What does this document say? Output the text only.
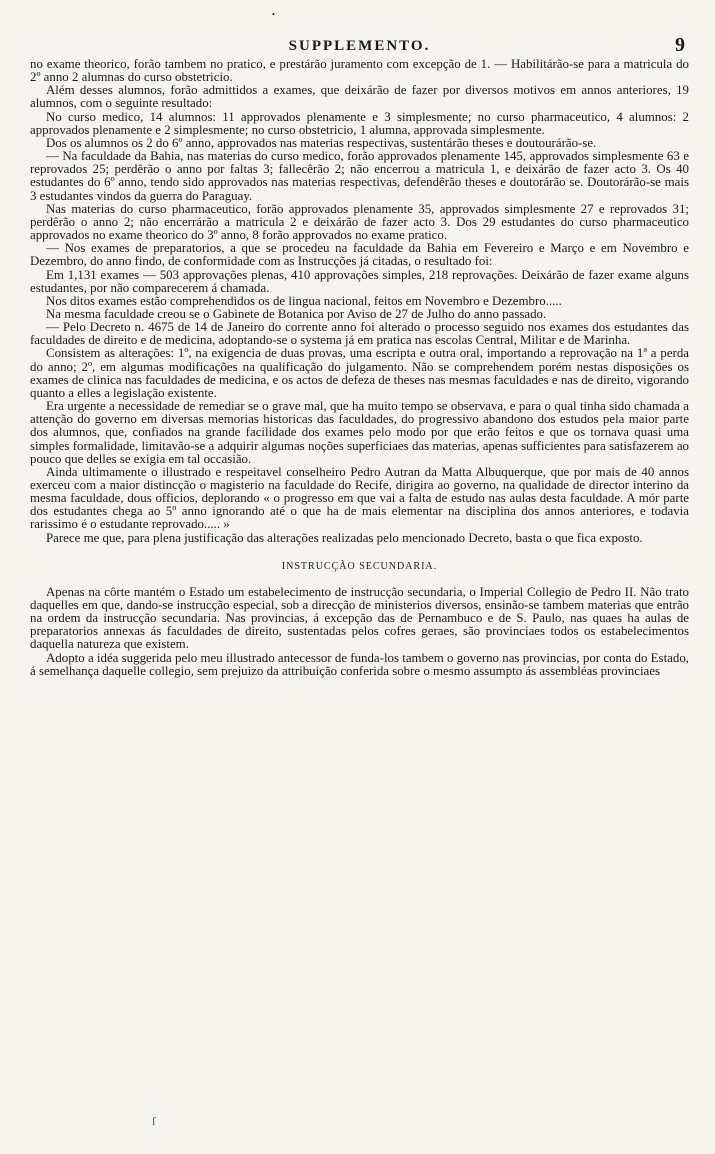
•
SUPPLEMENTO.	9

no exame theorico, forão tambem no pratico, e prestárão juramento com excepção de 1. — Habilitárão-se para a matricula do 2º anno 2 alumnas do curso obstetricio.

Além desses alumnos, forão admittidos a exames, que deixárão de fazer por diversos motivos em annos anteriores, 19 alumnos, com o seguinte resultado:

No curso medico, 14 alumnos: 11 approvados plenamente e 3 simplesmente; no curso pharmaceutico, 4 alumnos: 2 approvados plenamente e 2 simplesmente; no curso obstetricio, 1 alumna, approvada simplesmente.

Dos os alumnos os 2 do 6º anno, approvados nas materias respectivas, sustentárão theses e doutourárão-se.

— Na faculdade da Bahia, nas materias do curso medico, forão approvados plenamente 145, approvados simplesmente 63 e reprovados 25; perdêrão o anno por faltas 3; fallecêrão 2; não encerrou a matricula 1, e deixárão de fazer acto 3. Os 40 estudantes do 6º anno, tendo sido approvados nas materias respectivas, defendêrão theses e doutorárão se. Doutorárão-se mais 3 estudantes vindos da guerra do Paraguay.

Nas materias do curso pharmaceutico, forão approvados plenamente 35, approvados simplesmente 27 e reprovados 31; perdêrão o anno 2; não encerrárão a matricula 2 e deixárão de fazer acto 3. Dos 29 estudantes do curso pharmaceutico approvados no exame theorico do 3º anno, 8 forão approvados no exame pratico.

— Nos exames de preparatorios, a que se procedeu na faculdade da Bahia em Fevereiro e Março e em Novembro e Dezembro, do anno findo, de conformidade com as Instrucções já citadas, o resultado foi:

Em 1,131 exames — 503 approvações plenas, 410 approvações simples, 218 reprovações. Deixárão de fazer exame alguns estudantes, por não comparecerem á chamada.

Nos ditos exames estão comprehendidos os de lingua nacional, feitos em Novembro e Dezembro.....

Na mesma faculdade creou se o Gabinete de Botanica por Aviso de 27 de Julho do anno passado.

— Pelo Decreto n. 4675 de 14 de Janeiro do corrente anno foi alterado o processo seguido nos exames dos estudantes das faculdades de direito e de medicina, adoptando-se o systema já em pratica nas escolas Central, Militar e de Marinha.

Consistem as alterações: 1º, na exigencia de duas provas, uma escripta e outra oral, importando a reprovação na 1ª a perda do anno; 2º, em algumas modificações na qualificação do julgamento. Não se comprehendem porém nestas disposições os exames de clinica nas faculdades de medicina, e os actos de defeza de theses nas mesmas faculdades e nas de direito, vigorando quanto a elles a legislação existente.

Era urgente a necessidade de remediar se o grave mal, que ha muito tempo se observava, e para o qual tinha sido chamada a attenção do governo em diversas memorias historicas das faculdades, do progressivo abandono dos estudos pela maior parte dos alumnos, que, confiados na grande facilidade dos exames pelo modo por que erão feitos e que os tornava quasi uma simples formalidade, limitavão-se a adquirir algumas noções superficiaes das materias, apenas sufficientes para satisfazerem ao pouco que delles se exigia em tal occasião.

Ainda ultimamente o illustrado e respeitavel conselheiro Pedro Autran da Matta Albuquerque, que por mais de 40 annos exerceu com a maior distincção o magisterio na faculdade do Recife, dirigira ao governo, na qualidade de director interino da mesma faculdade, dous officios, deplorando « o progresso em que vai a falta de estudo nas aulas desta faculdade. A mór parte dos estudantes chega ao 5º anno ignorando até o que ha de mais elementar na disciplina dos annos anteriores, e todavia rarissimo é o estudante reprovado..... »

Parece me que, para plena justificação das alterações realizadas pelo mencionado Decreto, basta o que fica exposto.

INSTRUCÇÃO SECUNDARIA.

Apenas na côrte mantém o Estado um estabelecimento de instrucção secundaria, o Imperial Collegio de Pedro II. Não trato daquelles em que, dando-se instrucção especial, sob a direcção de ministerios diversos, ensinão-se tambem materias que entrão na ordem da instrucção secundaria. Nas provincias, á excepção das de Pernambuco e de S. Paulo, nas quaes ha aulas de preparatorios annexas ás faculdades de direito, sustentadas pelos cofres geraes, são provinciaes todos os estabelecimentos daquella natureza que existem.

Adopto a idéa suggerida pelo meu illustrado antecessor de funda-los tambem o governo nas provincias, por conta do Estado, á semelhança daquelle collegio, sem prejuizo da attribuição conferida sobre o mesmo assumpto ás assembléas provinciaes

ſ
